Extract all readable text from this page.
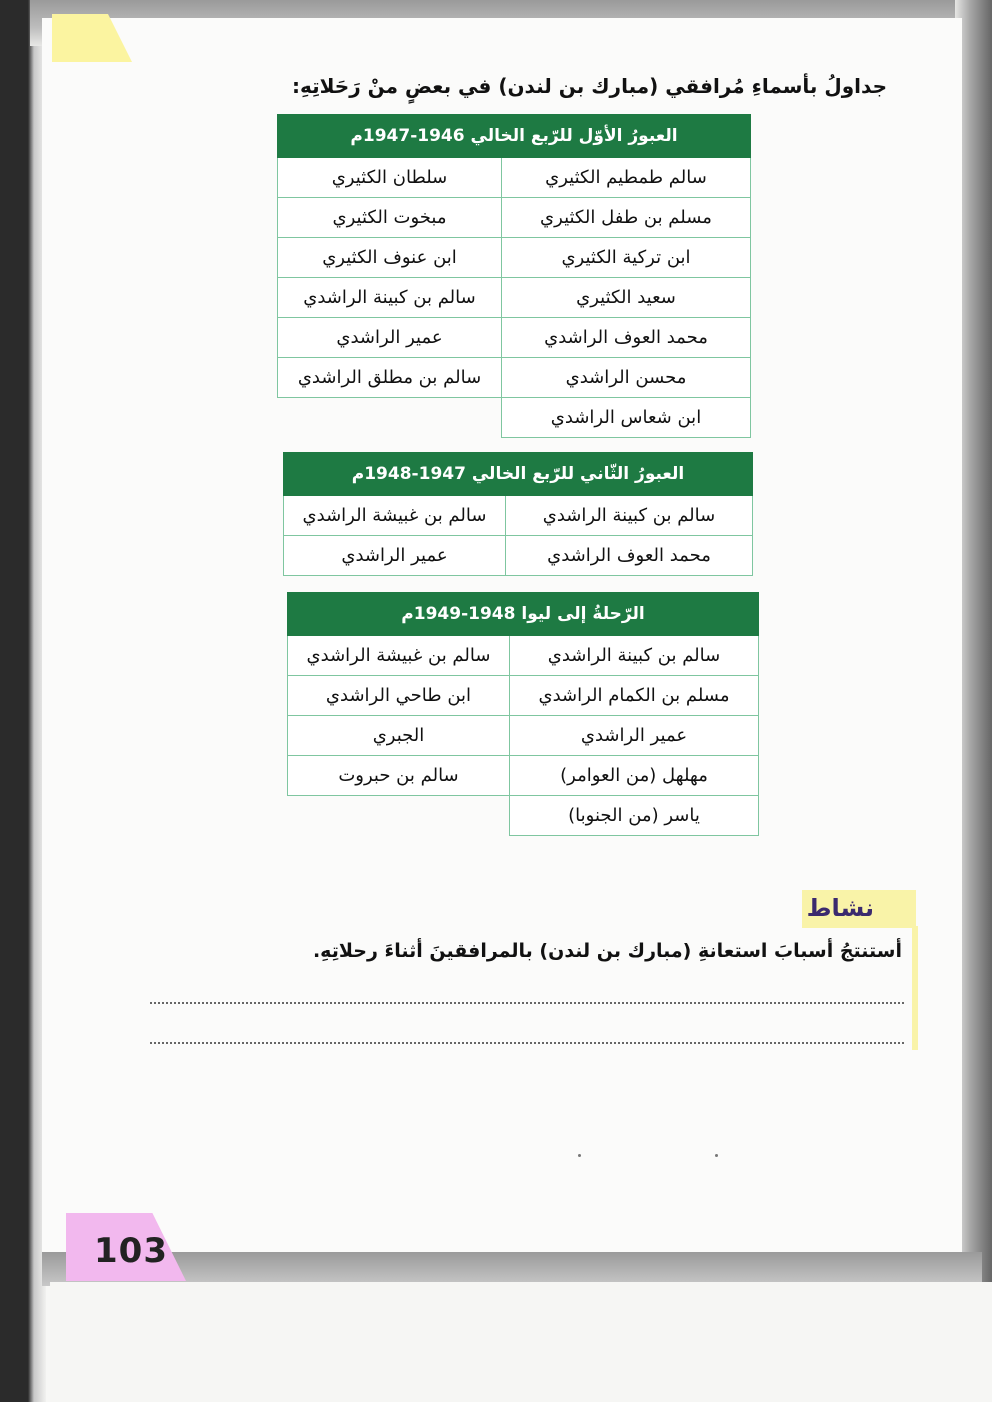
جداولُ بأسماءِ مُرافقي (مبارك بن لندن) في بعضٍ منْ رَحَلاتِهِ:
العبورُ الأوّل للرّبع الخالي 1946-1947م	
سالم طمطيم الكثيري	سلطان الكثيري
مسلم بن طفل الكثيري	مبخوت الكثيري
ابن تركية الكثيري	ابن عنوف الكثيري
سعيد الكثيري	سالم بن كبينة الراشدي
محمد العوف الراشدي	عمير الراشدي
محسن الراشدي	سالم بن مطلق الراشدي
ابن شعاس الراشدي	
العبورُ الثّاني للرّبع الخالي 1947-1948م	
سالم بن كبينة الراشدي	سالم بن غبيشة الراشدي
محمد العوف الراشدي	عمير الراشدي
الرّحلةُ إلى ليوا 1948-1949م	
سالم بن كبينة الراشدي	سالم بن غبيشة الراشدي
مسلم بن الكمام الراشدي	ابن طاحي الراشدي
عمير الراشدي	الجبري
مهلهل (من العوامر)	سالم بن حبروت
ياسر (من الجنوبا)	
نشاط
أستنتجُ أسبابَ استعانةِ (مبارك بن لندن) بالمرافقينَ أثناءَ رحلاتِهِ.
103
